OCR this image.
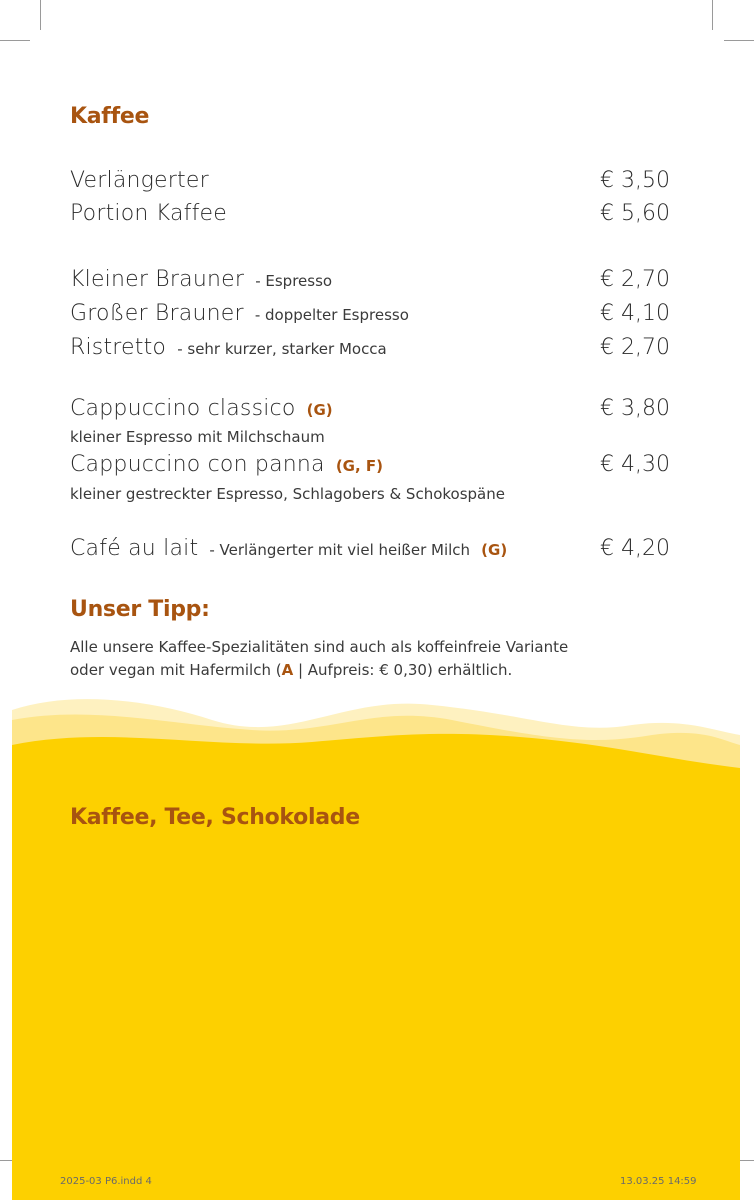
Kaffee
Verlängerter	€ 3,50
Portion Kaffee	€ 5,60
Kleiner Brauner - Espresso	€ 2,70
Großer Brauner - doppelter Espresso	€ 4,10
Ristretto - sehr kurzer, starker Mocca	€ 2,70
Cappuccino classico (G)	€ 3,80
kleiner Espresso mit Milchschaum
Cappuccino con panna (G, F)	€ 4,30
kleiner gestreckter Espresso, Schlagobers & Schokospäne
Café au lait - Verlängerter mit viel heißer Milch (G)	€ 4,20
Unser Tipp:
Alle unsere Kaffee-Spezialitäten sind auch als koffeinfreie Variante
oder vegan mit Hafermilch (A | Aufpreis: € 0,30) erhältlich.
Kaffee, Tee, Schokolade
2025-03 P6.indd 4	13.03.25 14:59
